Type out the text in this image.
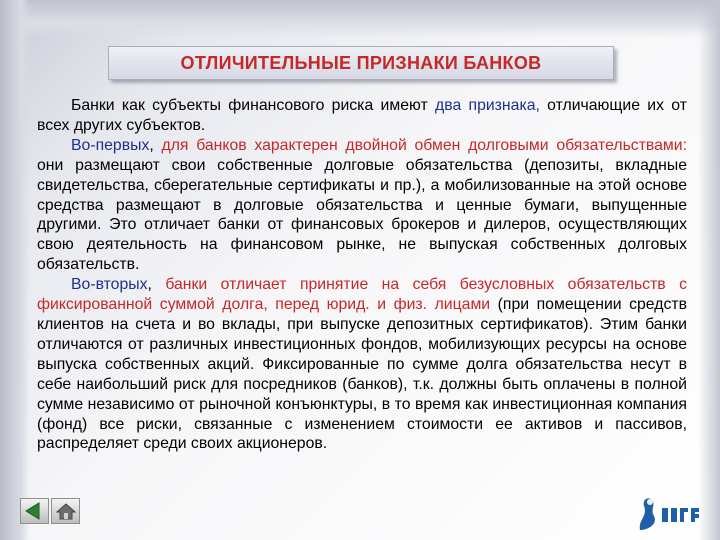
ОТЛИЧИТЕЛЬНЫЕ ПРИЗНАКИ БАНКОВ

Банки как субъекты финансового риска имеют два признака, отличающие их от всех других субъектов.

Во-первых, для банков характерен двойной обмен долговыми обязательствами: они размещают свои собственные долговые обязательства (депозиты, вкладные свидетельства, сберегательные сертификаты и пр.), а мобилизованные на этой основе средства размещают в долговые обязательства и ценные бумаги, выпущенные другими. Это отличает банки от финансовых брокеров и дилеров, осуществляющих свою деятельность на финансовом рынке, не выпуская собственных долговых обязательств.

Во-вторых, банки отличает принятие на себя безусловных обязательств с фиксированной суммой долга, перед юрид. и физ. лицами (при помещении средств клиентов на счета и во вклады, при выпуске депозитных сертификатов). Этим банки отличаются от различных инвестиционных фондов, мобилизующих ресурсы на основе выпуска собственных акций. Фиксированные по сумме долга обязательства несут в себе наибольший риск для посредников (банков), т.к. должны быть оплачены в полной сумме независимо от рыночной конъюнктуры, в то время как инвестиционная компания (фонд) все риски, связанные с изменением стоимости ее активов и пассивов, распределяет среди своих акционеров.
